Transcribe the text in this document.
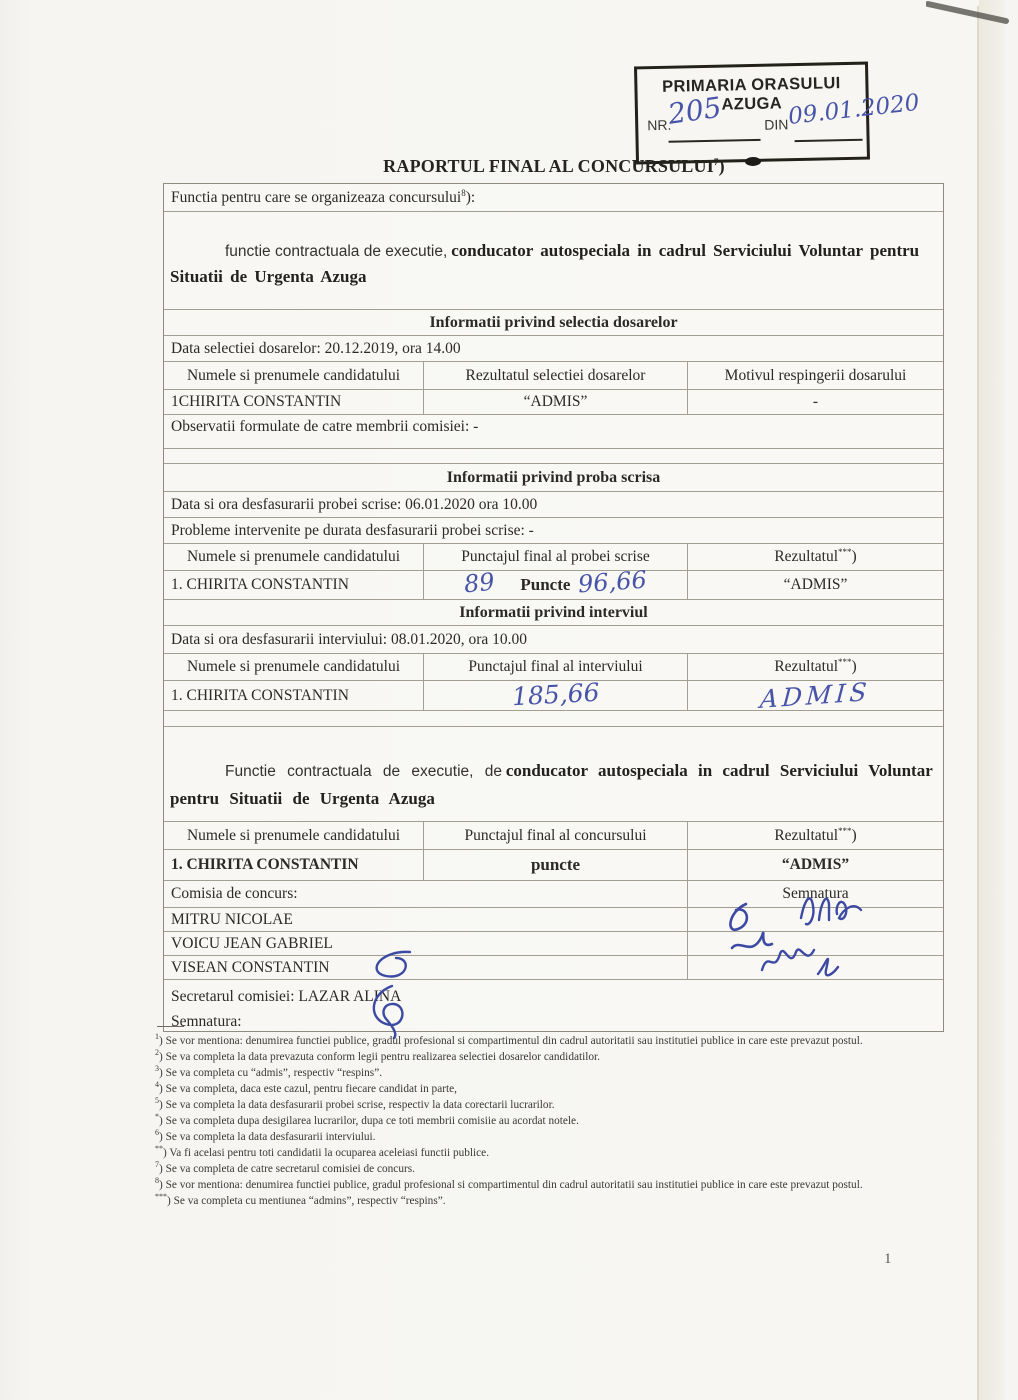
PRIMARIA ORASULUI AZUGA
NR.	DIN
205	09.01.2020
RAPORTUL FINAL AL CONCURSULUI$^7$)
Functia pentru care se organizeaza concursului$^8$):
functie contractuala de executie, conducator autospeciala in cadrul Serviciului Voluntar pentru Situatii de Urgenta Azuga
Informatii privind selectia dosarelor
Data selectiei dosarelor: 20.12.2019, ora 14.00
Numele si prenumele candidatului	Rezultatul selectiei dosarelor	Motivul respingerii dosarului
1CHIRITA CONSTANTIN	“ADMIS”	-
Observatii formulate de catre membrii comisiei: -
Informatii privind proba scrisa
Data si ora desfasurarii probei scrise: 06.01.2020 ora 10.00
Probleme intervenite pe durata desfasurarii probei scrise: -
Numele si prenumele candidatului	Punctajul final al probei scrise	Rezultatul***)
1. CHIRITA CONSTANTIN	89 Puncte 96,66	“ADMIS”
Informatii privind interviul
Data si ora desfasurarii interviului: 08.01.2020, ora 10.00
Numele si prenumele candidatului	Punctajul final al interviului	Rezultatul***)
1. CHIRITA CONSTANTIN	185,66	ADMIS
Functie contractuala de executie, de conducator autospeciala in cadrul Serviciului Voluntar pentru Situatii de Urgenta Azuga
Numele si prenumele candidatului	Punctajul final al concursului	Rezultatul***)
1. CHIRITA CONSTANTIN	puncte	“ADMIS”
Comisia de concurs:	Semnatura
MITRU NICOLAE
VOICU JEAN GABRIEL
VISEAN CONSTANTIN
Secretarul comisiei: LAZAR ALINA
Semnatura:
$^1$) Se vor mentiona: denumirea functiei publice, gradul profesional si compartimentul din cadrul autoritatii sau institutiei publice in care este prevazut postul.
$^2$) Se va completa la data prevazuta conform legii pentru realizarea selectiei dosarelor candidatilor.
$^3$) Se va completa cu “admis”, respectiv “respins”.
$^4$) Se va completa, daca este cazul, pentru fiecare candidat in parte,
$^5$) Se va completa la data desfasurarii probei scrise, respectiv la data corectarii lucrarilor.
*) Se va completa dupa desigilarea lucrarilor, dupa ce toti membrii comisiie au acordat notele.
$^6$) Se va completa la data desfasurarii interviului.
**) Va fi acelasi pentru toti candidatii la ocuparea aceleiasi functii publice.
$^7$) Se va completa de catre secretarul comisiei de concurs.
$^8$) Se vor mentiona: denumirea functiei publice, gradul profesional si compartimentul din cadrul autoritatii sau institutiei publice in care este prevazut postul.
***) Se va completa cu mentiunea “admins”, respectiv “respins”.
1
